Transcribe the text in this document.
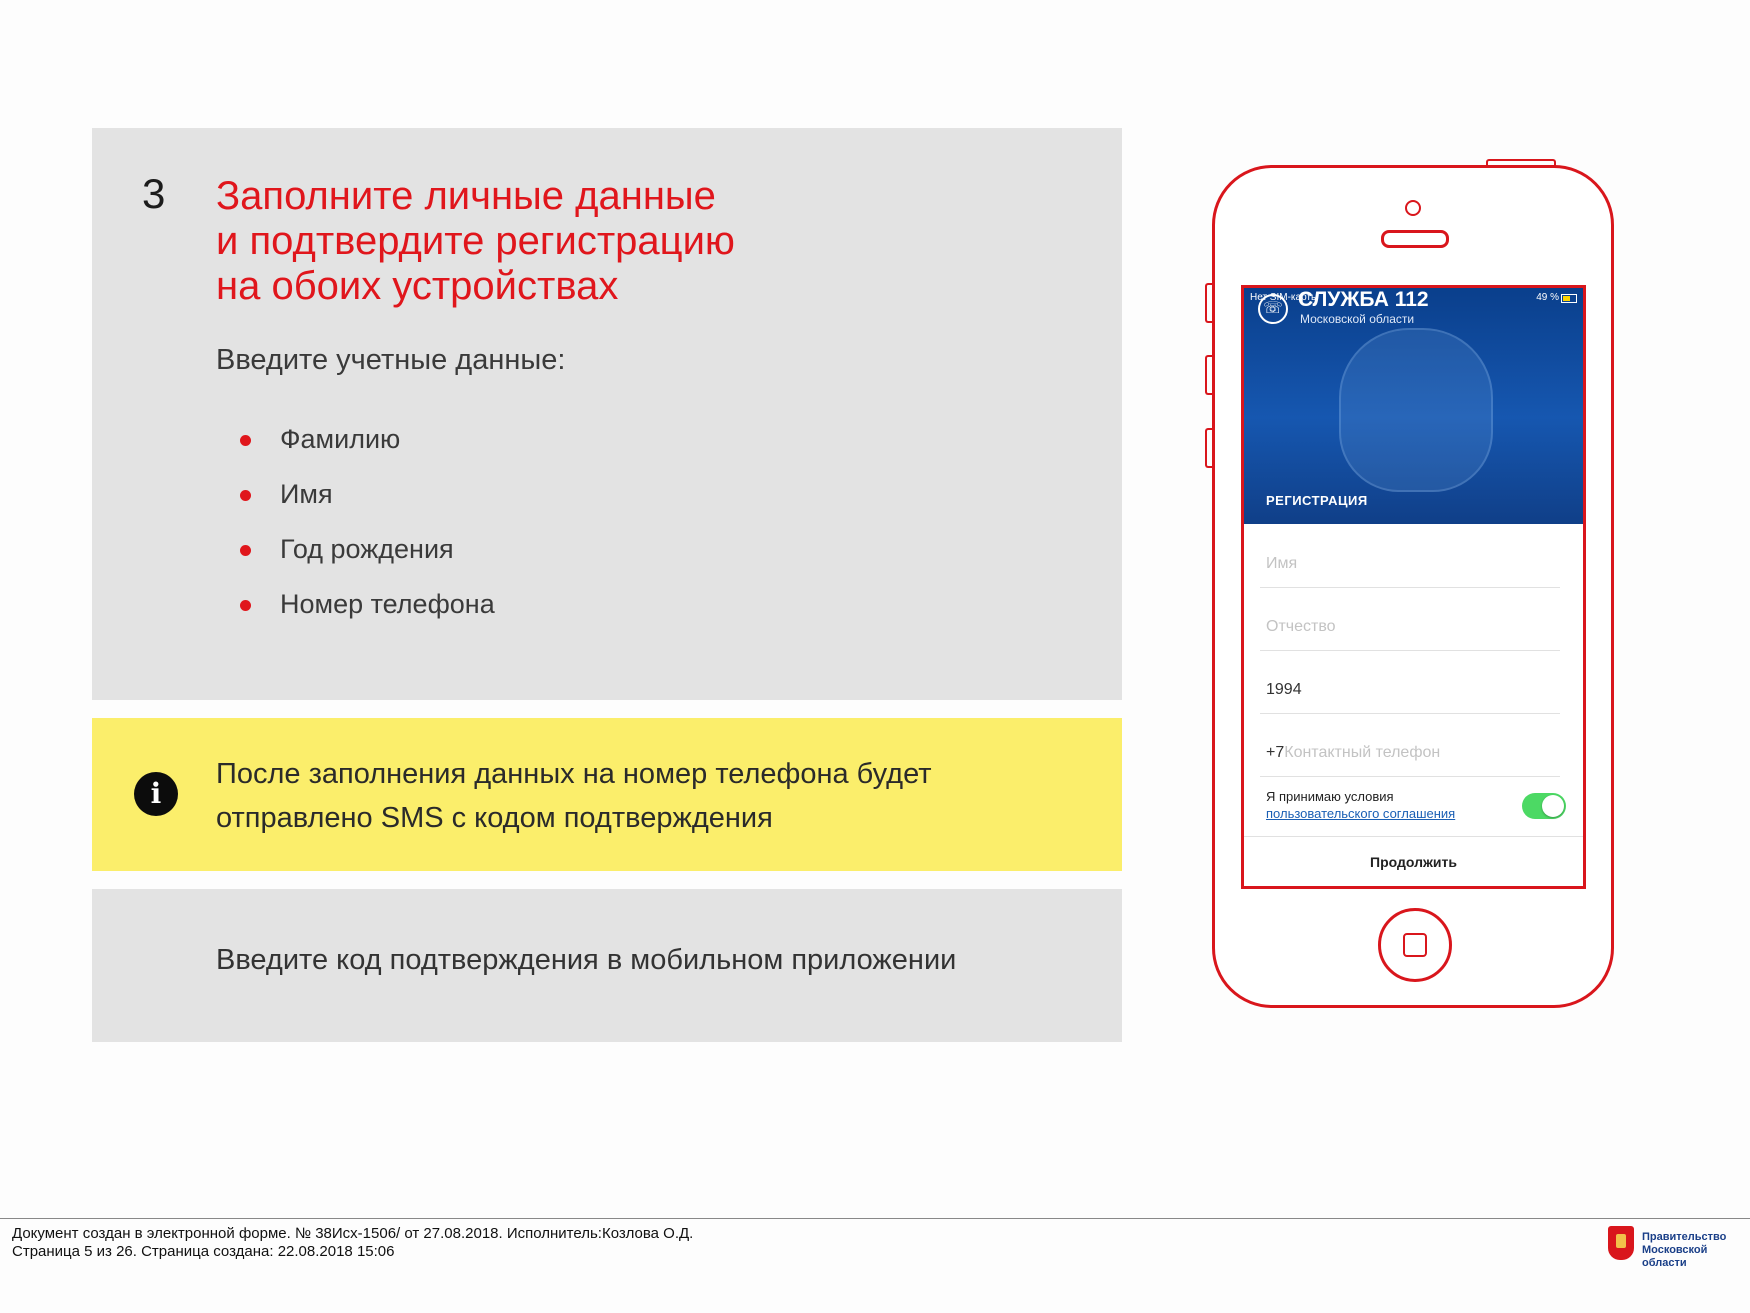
3 Заполните личные данные
и подтвердите регистрацию
на обоих устройствах
Введите учетные данные:
Фамилию
Имя
Год рождения
Номер телефона
i
После заполнения данных на номер телефона будет
отправлено SMS с кодом подтверждения
Введите код подтверждения в мобильном приложении
Нет SIM-карты	49 %
☏ СЛУЖБА 112
Московской области
РЕГИСТРАЦИЯ
Имя
Отчество
1994
+7Контактный телефон
Я принимаю условия
пользовательского соглашения
Продолжить
Документ создан в электронной форме. № 38Исх-1506/ от 27.08.2018. Исполнитель:Козлова О.Д.
Страница 5 из 26. Страница создана: 22.08.2018 15:06
Правительство
Московской области
